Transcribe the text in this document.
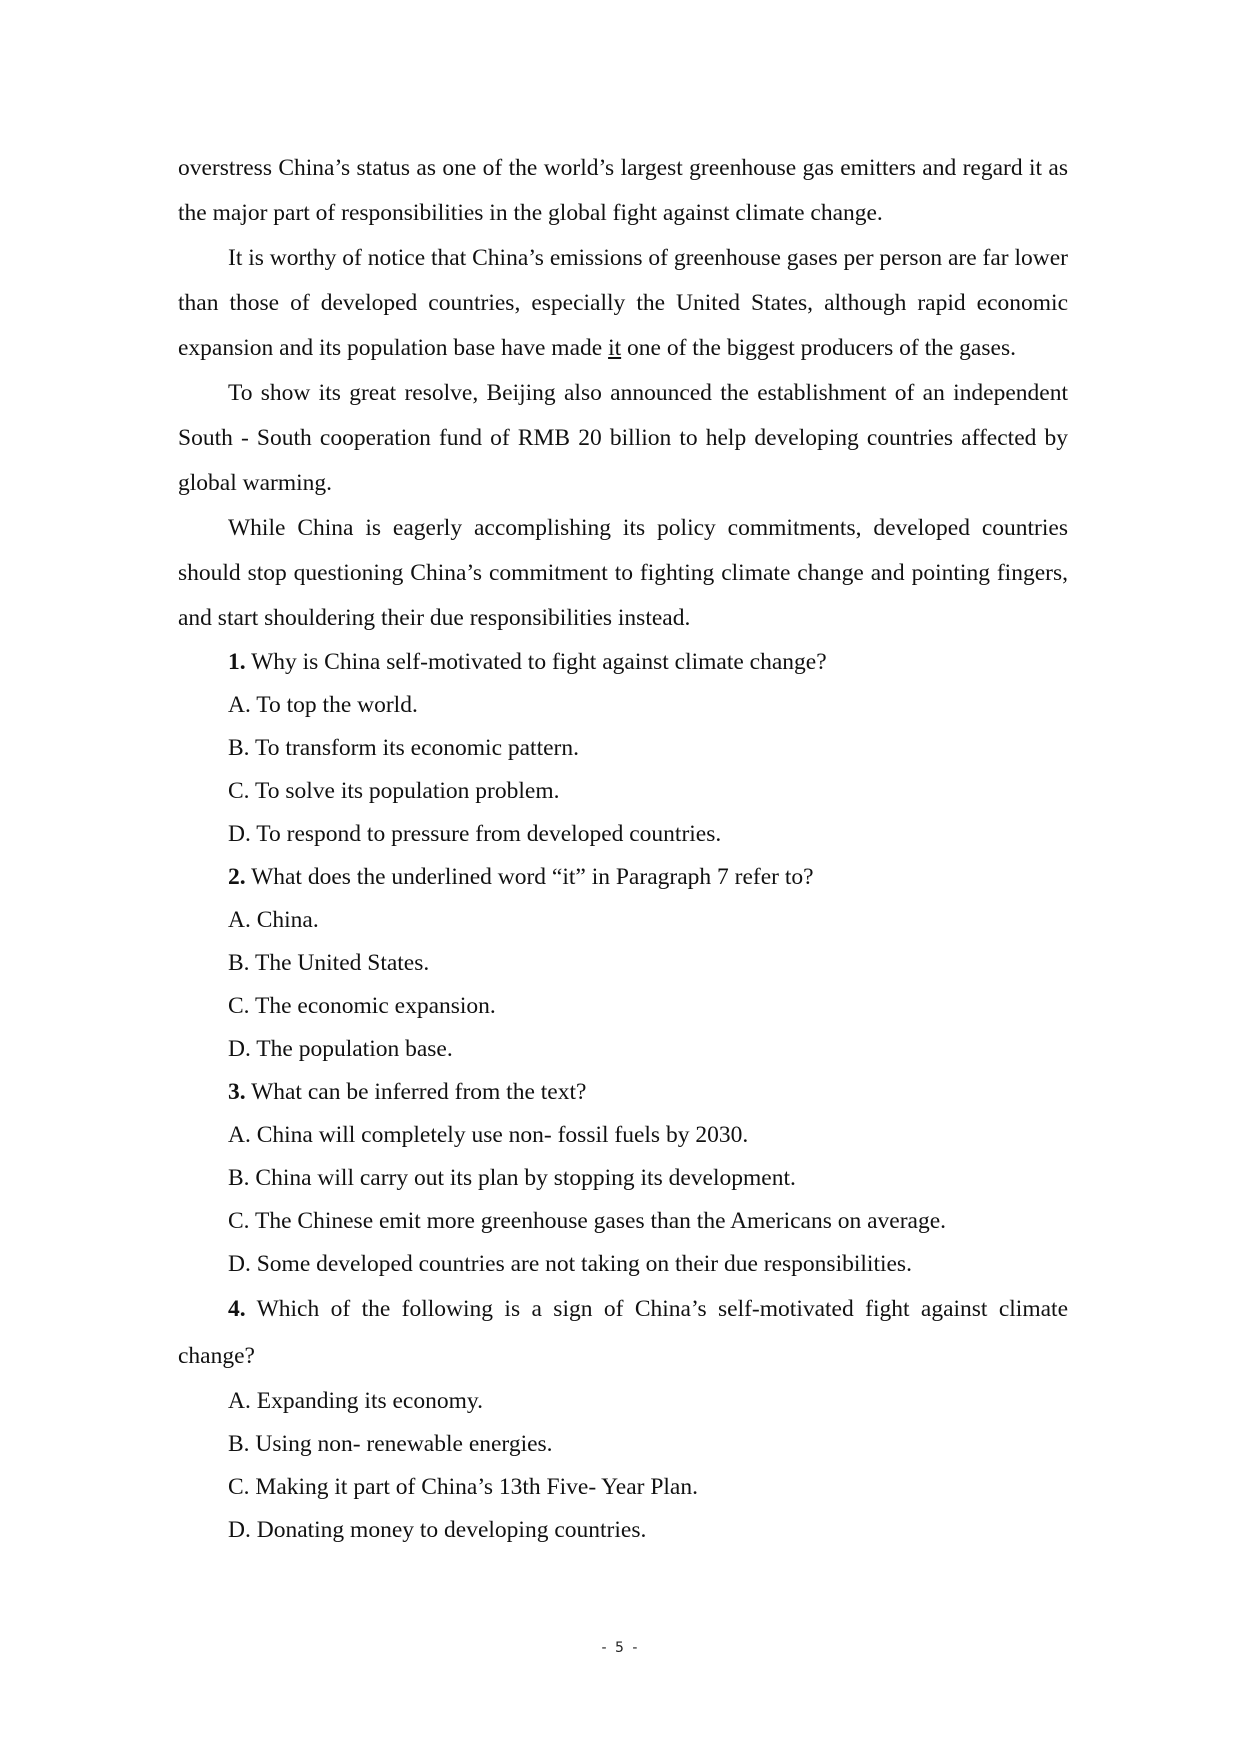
overstress China’s status as one of the world’s largest greenhouse gas emitters and regard it as the major part of responsibilities in the global fight against climate change.

It is worthy of notice that China’s emissions of greenhouse gases per person are far lower than those of developed countries, especially the United States, although rapid economic expansion and its population base have made it one of the biggest producers of the gases.

To show its great resolve, Beijing also announced the establishment of an independent South - South cooperation fund of RMB 20 billion to help developing countries affected by global warming.

While China is eagerly accomplishing its policy commitments, developed countries should stop questioning China’s commitment to fighting climate change and pointing fingers, and start shouldering their due responsibilities instead.

1. Why is China self-motivated to fight against climate change?

A. To top the world.

B. To transform its economic pattern.

C. To solve its population problem.

D. To respond to pressure from developed countries.

2. What does the underlined word “it” in Paragraph 7 refer to?

A. China.

B. The United States.

C. The economic expansion.

D. The population base.

3. What can be inferred from the text?

A. China will completely use non- fossil fuels by 2030.

B. China will carry out its plan by stopping its development.

C. The Chinese emit more greenhouse gases than the Americans on average.

D. Some developed countries are not taking on their due responsibilities.

4. Which of the following is a sign of China’s self-motivated fight against climate change?

A. Expanding its economy.

B. Using non- renewable energies.

C. Making it part of China’s 13th Five- Year Plan.

D. Donating money to developing countries.

- 5 -
